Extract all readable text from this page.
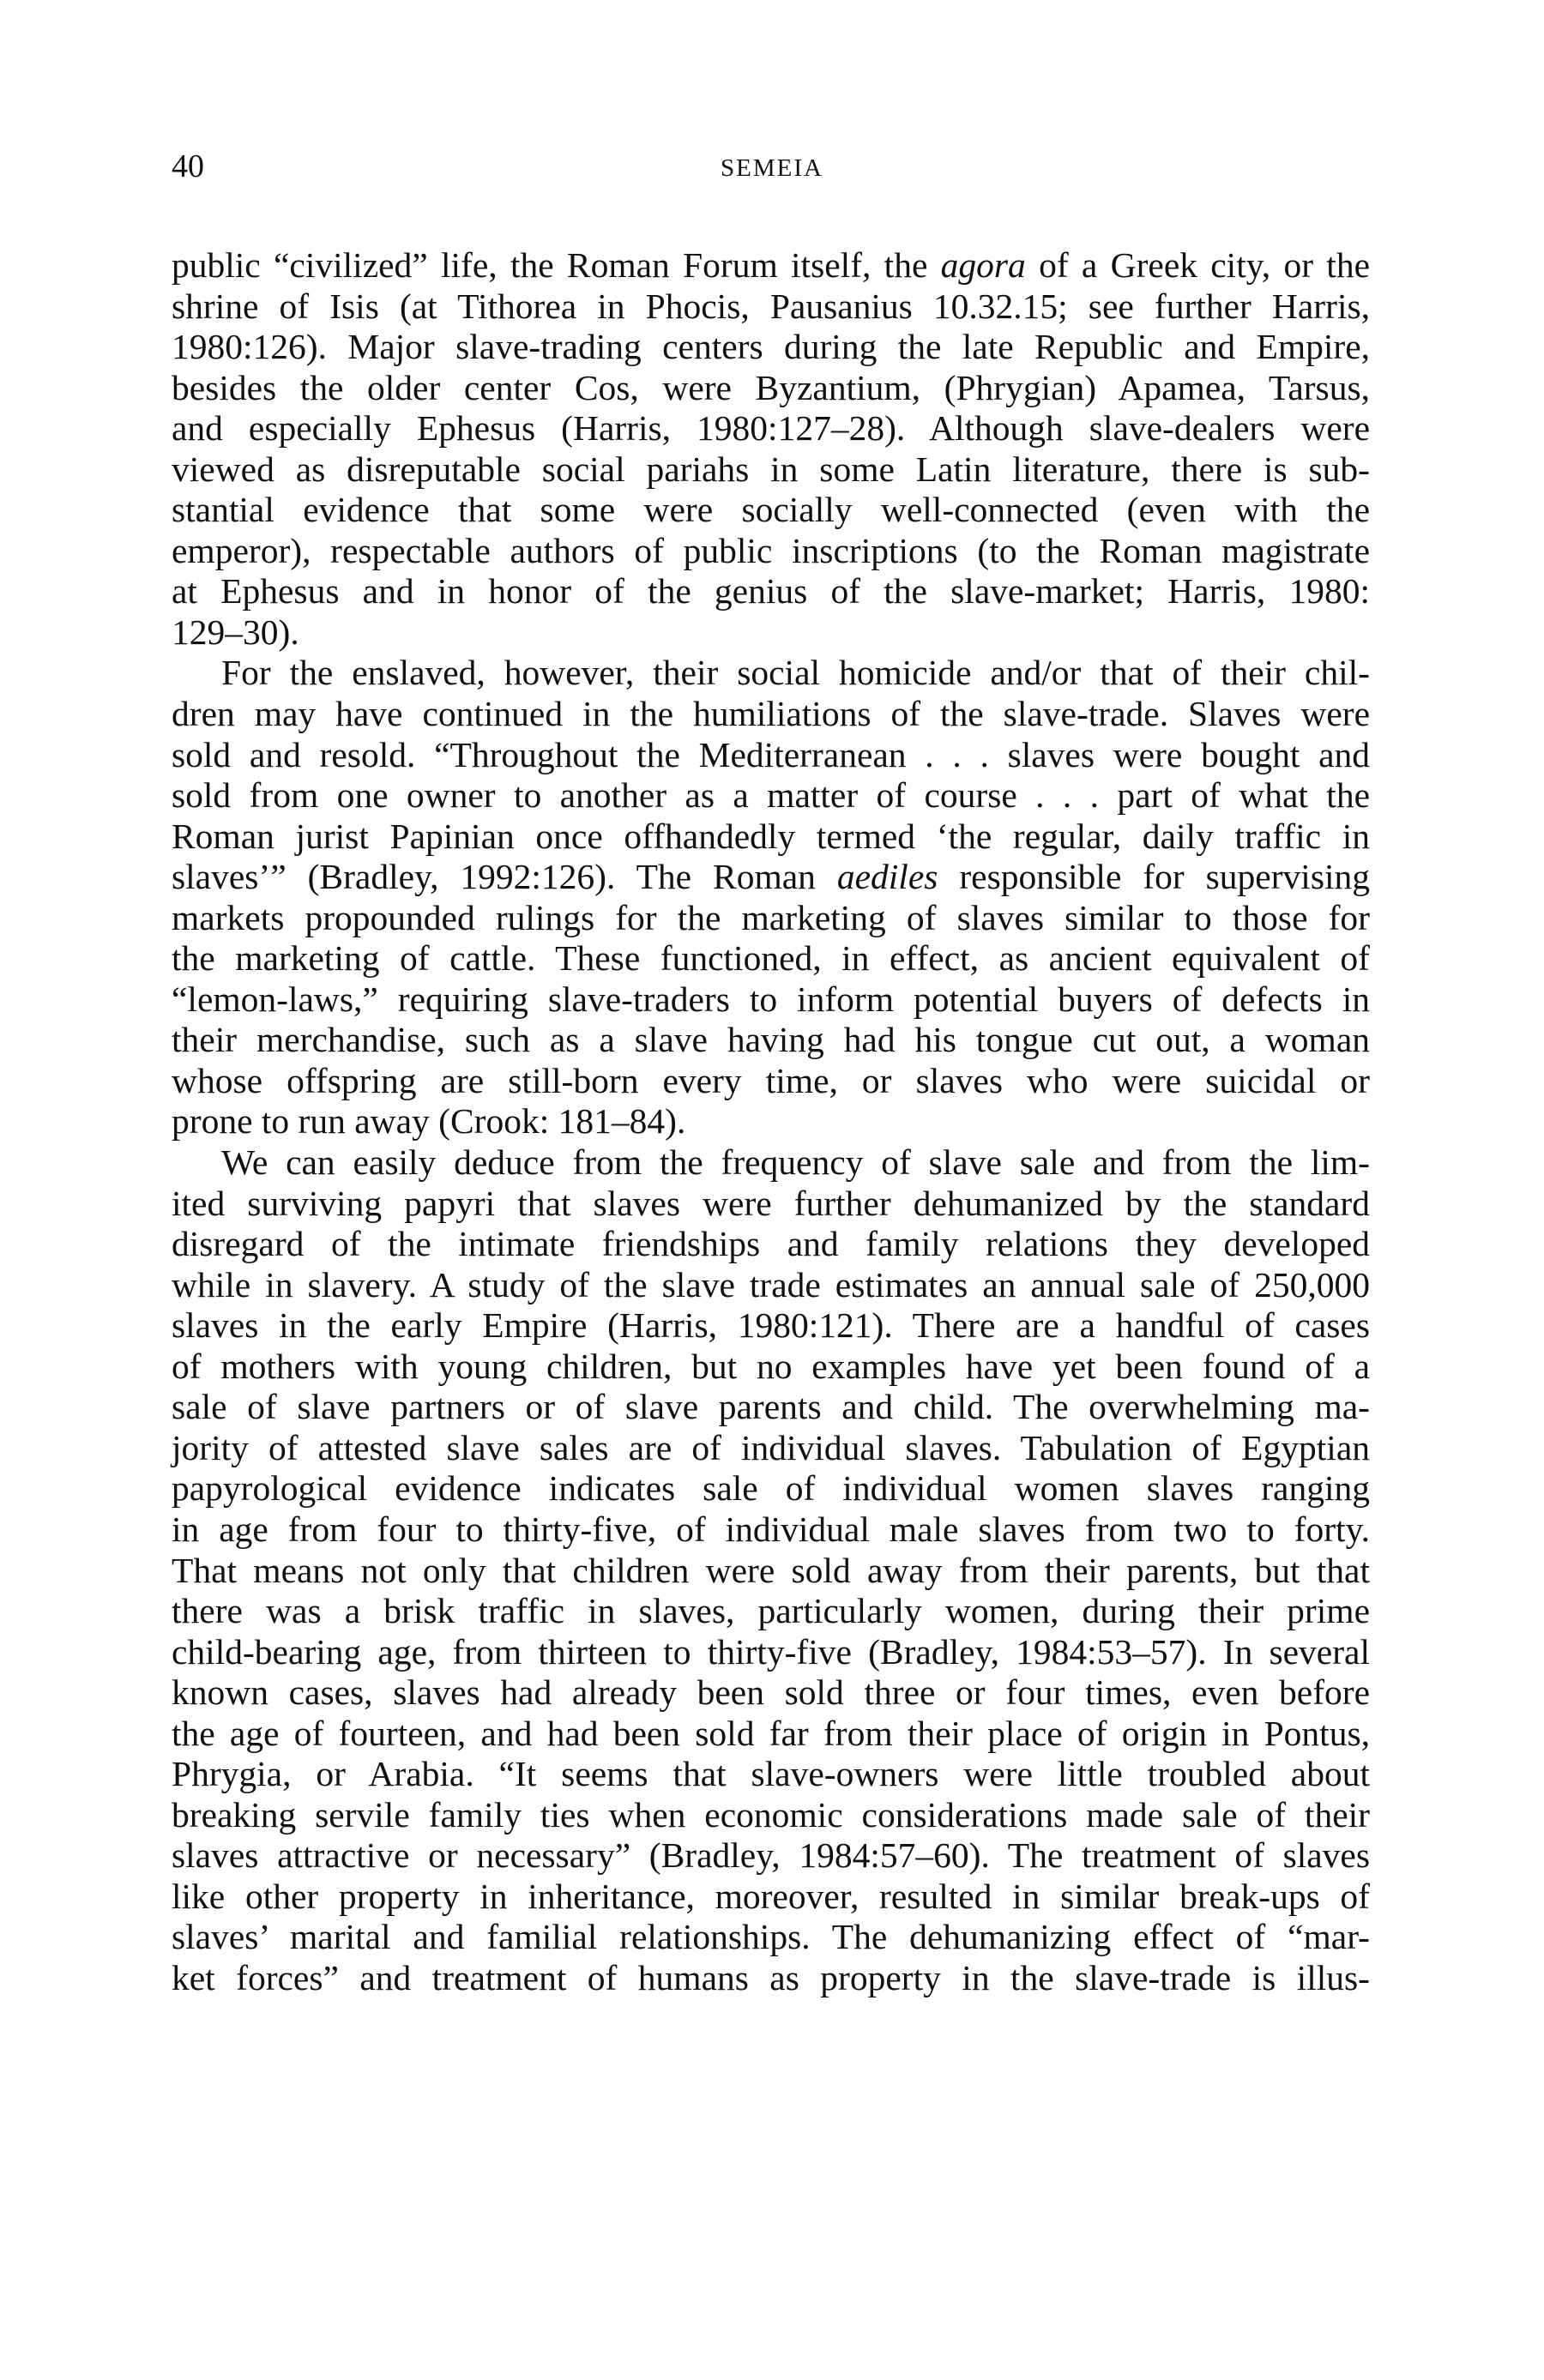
40	SEMEIA
public “civilized” life, the Roman Forum itself, the agora of a Greek city, or the
shrine of Isis (at Tithorea in Phocis, Pausanius 10.32.15; see further Harris,
1980:126). Major slave-trading centers during the late Republic and Empire,
besides the older center Cos, were Byzantium, (Phrygian) Apamea, Tarsus,
and especially Ephesus (Harris, 1980:127–28). Although slave-dealers were
viewed as disreputable social pariahs in some Latin literature, there is sub-
stantial evidence that some were socially well-connected (even with the
emperor), respectable authors of public inscriptions (to the Roman magistrate
at Ephesus and in honor of the genius of the slave-market; Harris, 1980:
129–30).
For the enslaved, however, their social homicide and/or that of their chil-
dren may have continued in the humiliations of the slave-trade. Slaves were
sold and resold. “Throughout the Mediterranean . . . slaves were bought and
sold from one owner to another as a matter of course . . . part of what the
Roman jurist Papinian once offhandedly termed ‘the regular, daily traffic in
slaves’” (Bradley, 1992:126). The Roman aediles responsible for supervising
markets propounded rulings for the marketing of slaves similar to those for
the marketing of cattle. These functioned, in effect, as ancient equivalent of
“lemon-laws,” requiring slave-traders to inform potential buyers of defects in
their merchandise, such as a slave having had his tongue cut out, a woman
whose offspring are still-born every time, or slaves who were suicidal or
prone to run away (Crook: 181–84).
We can easily deduce from the frequency of slave sale and from the lim-
ited surviving papyri that slaves were further dehumanized by the standard
disregard of the intimate friendships and family relations they developed
while in slavery. A study of the slave trade estimates an annual sale of 250,000
slaves in the early Empire (Harris, 1980:121). There are a handful of cases
of mothers with young children, but no examples have yet been found of a
sale of slave partners or of slave parents and child. The overwhelming ma-
jority of attested slave sales are of individual slaves. Tabulation of Egyptian
papyrological evidence indicates sale of individual women slaves ranging
in age from four to thirty-five, of individual male slaves from two to forty.
That means not only that children were sold away from their parents, but that
there was a brisk traffic in slaves, particularly women, during their prime
child-bearing age, from thirteen to thirty-five (Bradley, 1984:53–57). In several
known cases, slaves had already been sold three or four times, even before
the age of fourteen, and had been sold far from their place of origin in Pontus,
Phrygia, or Arabia. “It seems that slave-owners were little troubled about
breaking servile family ties when economic considerations made sale of their
slaves attractive or necessary” (Bradley, 1984:57–60). The treatment of slaves
like other property in inheritance, moreover, resulted in similar break-ups of
slaves’ marital and familial relationships. The dehumanizing effect of “mar-
ket forces” and treatment of humans as property in the slave-trade is illus-
